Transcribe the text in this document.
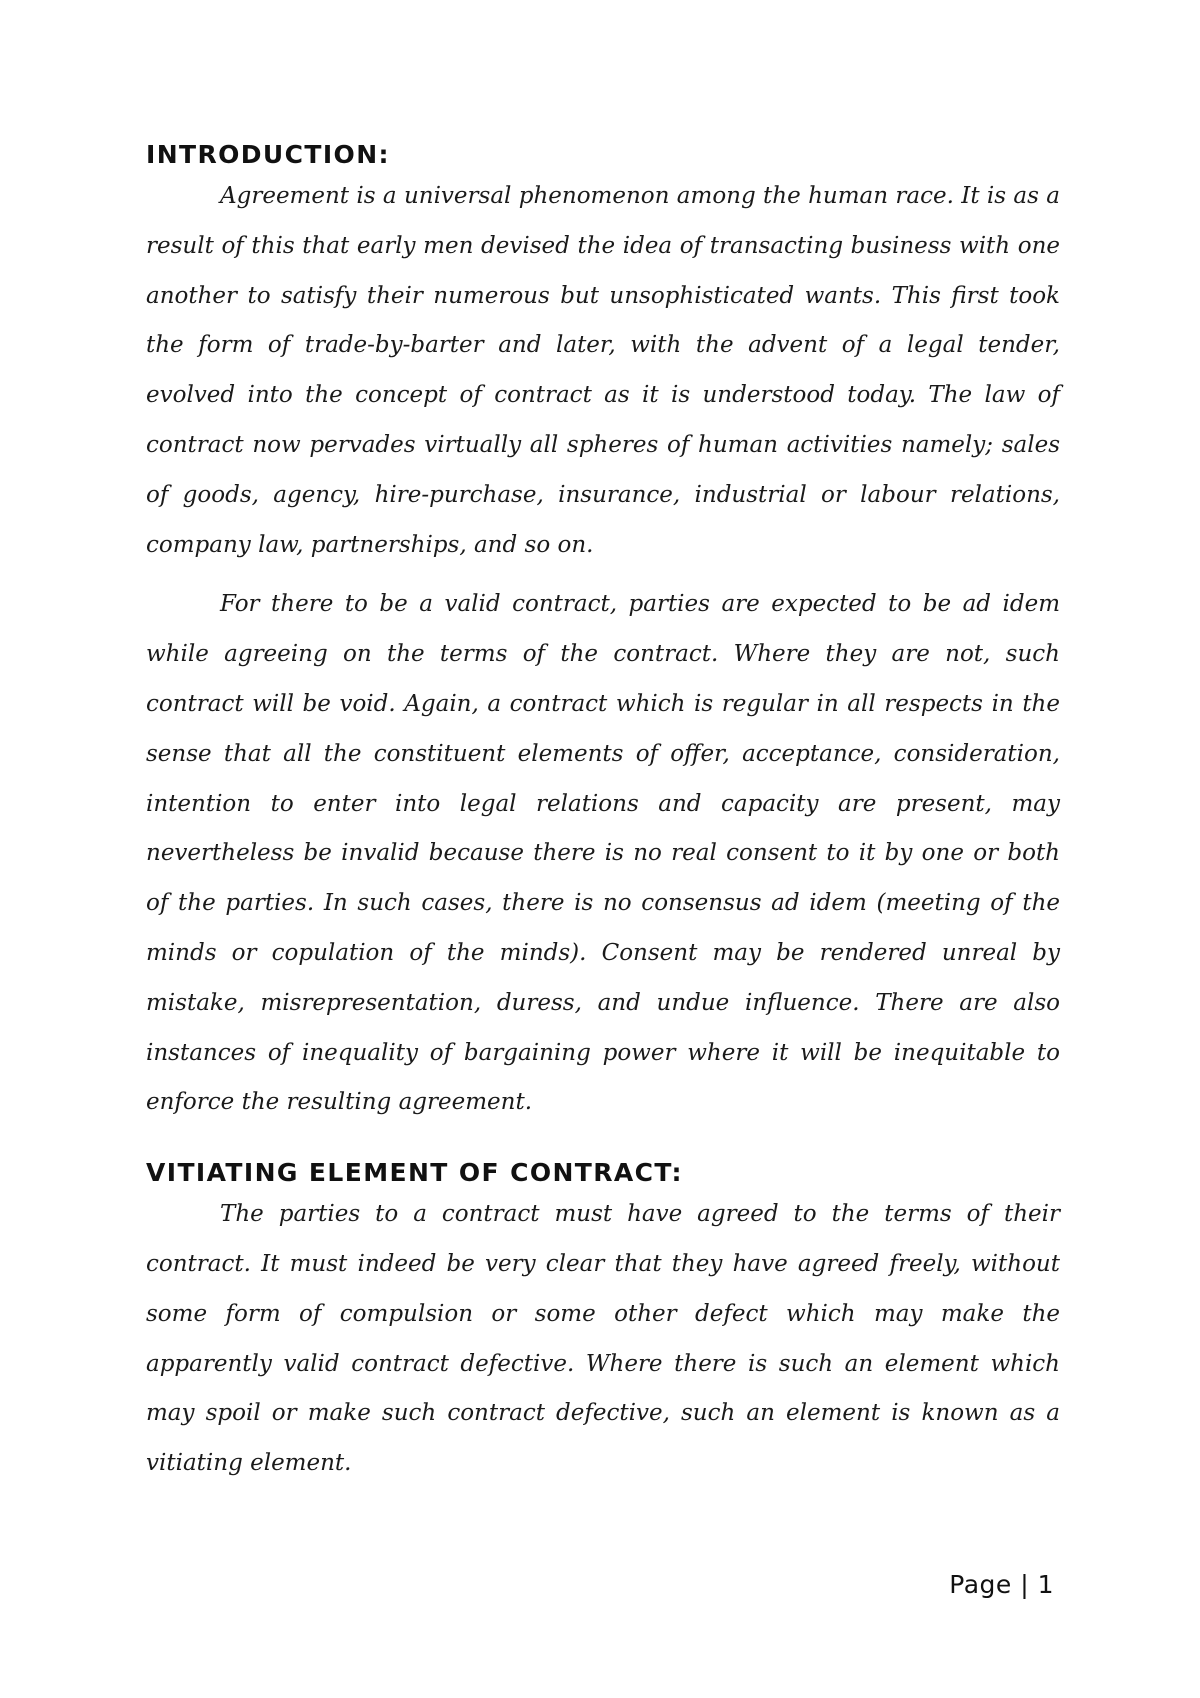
INTRODUCTION:

Agreement is a universal phenomenon among the human race. It is as a result of this that early men devised the idea of transacting business with one another to satisfy their numerous but unsophisticated wants. This first took the form of trade-by-barter and later, with the advent of a legal tender, evolved into the concept of contract as it is understood today. The law of contract now pervades virtually all spheres of human activities namely; sales of goods, agency, hire-purchase, insurance, industrial or labour relations, company law, partnerships, and so on.

For there to be a valid contract, parties are expected to be ad idem while agreeing on the terms of the contract. Where they are not, such contract will be void. Again, a contract which is regular in all respects in the sense that all the constituent elements of offer, acceptance, consideration, intention to enter into legal relations and capacity are present, may nevertheless be invalid because there is no real consent to it by one or both of the parties. In such cases, there is no consensus ad idem (meeting of the minds or copulation of the minds). Consent may be rendered unreal by mistake, misrepresentation, duress, and undue influence. There are also instances of inequality of bargaining power where it will be inequitable to enforce the resulting agreement.

VITIATING ELEMENT OF CONTRACT:

The parties to a contract must have agreed to the terms of their contract. It must indeed be very clear that they have agreed freely, without some form of compulsion or some other defect which may make the apparently valid contract defective. Where there is such an element which may spoil or make such contract defective, such an element is known as a vitiating element.

Page | 1
